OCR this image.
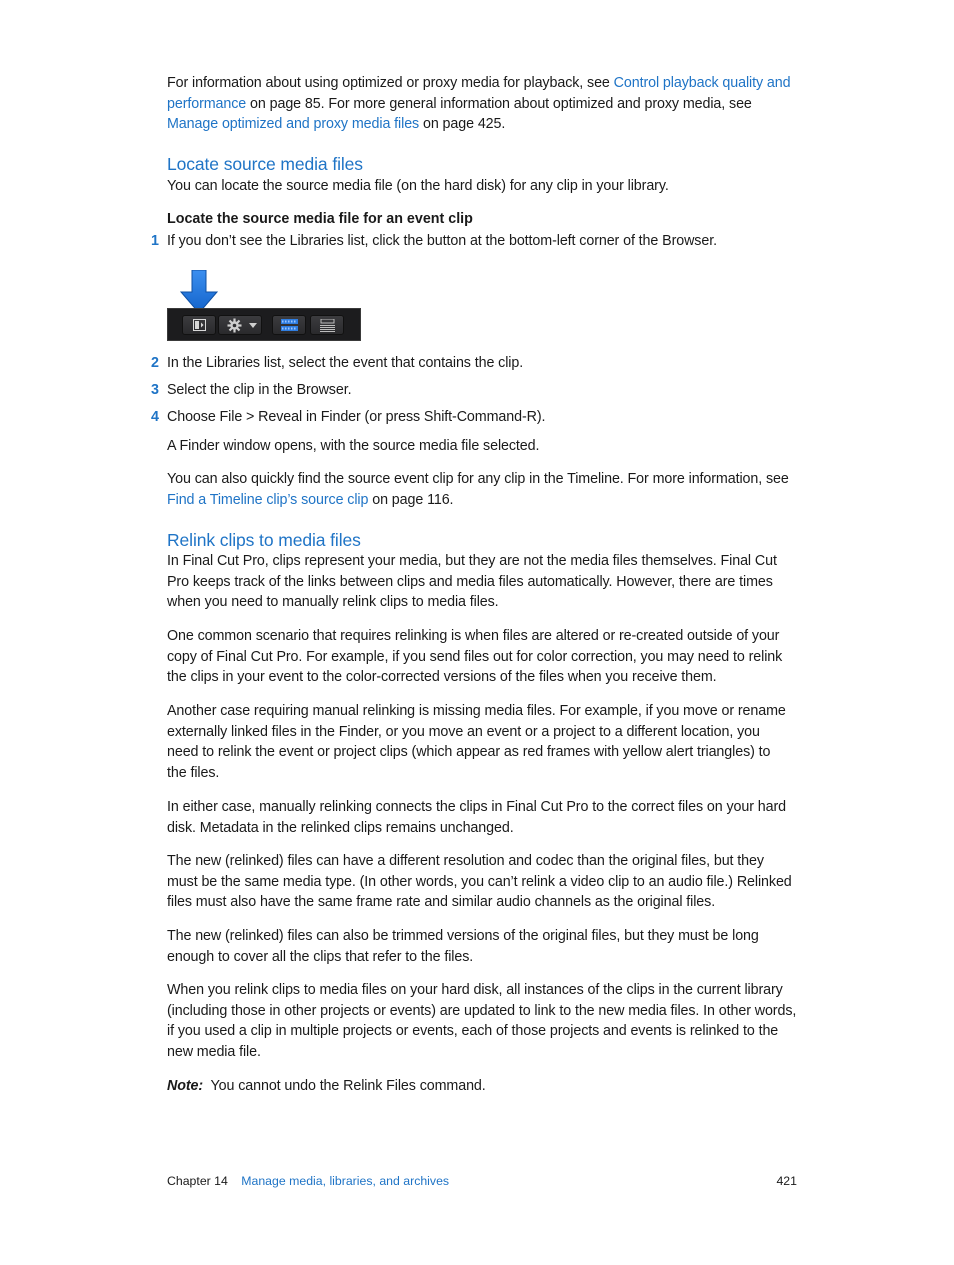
For information about using optimized or proxy media for playback, see Control playback quality and performance on page 85. For more general information about optimized and proxy media, see Manage optimized and proxy media files on page 425.

Locate source media files

You can locate the source media file (on the hard disk) for any clip in your library.

Locate the source media file for an event clip
1 If you don’t see the Libraries list, click the button at the bottom-left corner of the Browser.

2 In the Libraries list, select the event that contains the clip.

3 Select the clip in the Browser.

4 Choose File > Reveal in Finder (or press Shift-Command-R).

A Finder window opens, with the source media file selected.

You can also quickly find the source event clip for any clip in the Timeline. For more information, see Find a Timeline clip’s source clip on page 116.

Relink clips to media files

In Final Cut Pro, clips represent your media, but they are not the media files themselves. Final Cut Pro keeps track of the links between clips and media files automatically. However, there are times when you need to manually relink clips to media files.

One common scenario that requires relinking is when files are altered or re-created outside of your copy of Final Cut Pro. For example, if you send files out for color correction, you may need to relink the clips in your event to the color-corrected versions of the files when you receive them.

Another case requiring manual relinking is missing media files. For example, if you move or rename externally linked files in the Finder, or you move an event or a project to a different location, you need to relink the event or project clips (which appear as red frames with yellow alert triangles) to the files.

In either case, manually relinking connects the clips in Final Cut Pro to the correct files on your hard disk. Metadata in the relinked clips remains unchanged.

The new (relinked) files can have a different resolution and codec than the original files, but they must be the same media type. (In other words, you can’t relink a video clip to an audio file.) Relinked files must also have the same frame rate and similar audio channels as the original files.

The new (relinked) files can also be trimmed versions of the original files, but they must be long enough to cover all the clips that refer to the files.

When you relink clips to media files on your hard disk, all instances of the clips in the current library (including those in other projects or events) are updated to link to the new media files. In other words, if you used a clip in multiple projects or events, each of those projects and events is relinked to the new media file.

Note:  You cannot undo the Relink Files command.

Chapter 14 Manage media, libraries, and archives	421
